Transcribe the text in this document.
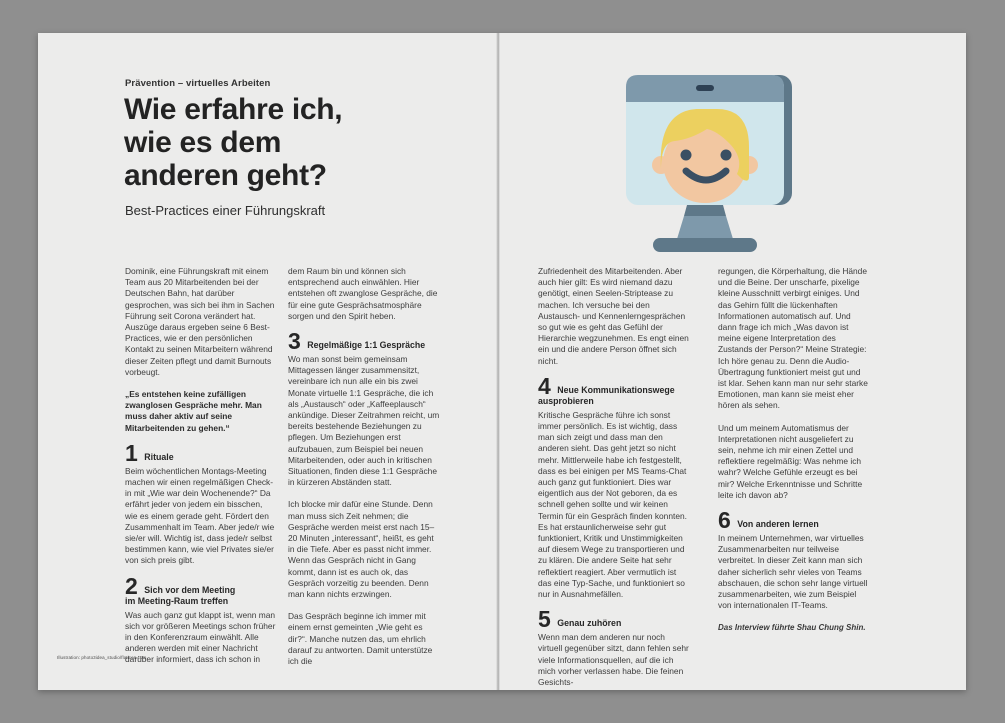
Prävention – virtuelles Arbeiten
Wie erfahre ich,
wie es dem
anderen geht?
Best-Practices einer Führungskraft

Dominik, eine Führungskraft mit einem Team aus 20 Mitarbeitenden bei der Deutschen Bahn, hat darüber gesprochen, was sich bei ihm in Sachen Führung seit Corona verändert hat. Auszüge daraus ergeben seine 6 Best-Practices, wie er den persönlichen Kontakt zu seinen Mitarbeitern während dieser Zeiten pflegt und damit Burnouts vorbeugt.

„Es entstehen keine zufälligen zwanglosen Gespräche mehr. Man muss daher aktiv auf seine Mitarbeitenden zu gehen.“

1 Rituale

Beim wöchentlichen Montags-Meeting machen wir einen regelmäßigen Check-in mit „Wie war dein Wochenende?“ Da erfährt jeder von jedem ein bisschen, wie es einem gerade geht. Fördert den Zusammenhalt im Team. Aber jede/r wie sie/er will. Wichtig ist, dass jede/r selbst bestimmen kann, wie viel Privates sie/er von sich preis gibt.

2 Sich vor dem Meeting
im Meeting-Raum treffen

Was auch ganz gut klappt ist, wenn man sich vor größeren Meetings schon früher in den Konferenzraum einwählt. Alle anderen werden mit einer Nachricht darüber informiert, dass ich schon in

dem Raum bin und können sich entsprechend auch einwählen. Hier entstehen oft zwanglose Gespräche, die für eine gute Gesprächsatmosphäre sorgen und den Spirit heben.

3 Regelmäßige 1:1 Gespräche

Wo man sonst beim gemeinsam Mittagessen länger zusammensitzt, vereinbare ich nun alle ein bis zwei Monate virtuelle 1:1 Gespräche, die ich als „Austausch“ oder „Kaffeeplausch“ ankündige. Dieser Zeitrahmen reicht, um bereits bestehende Beziehungen zu pflegen. Um Beziehungen erst aufzubauen, zum Beispiel bei neuen Mitarbeitenden, oder auch in kritischen Situationen, finden diese 1:1 Gespräche in kürzeren Abständen statt.

Ich blocke mir dafür eine Stunde. Denn man muss sich Zeit nehmen; die Gespräche werden meist erst nach 15–20 Minuten „interessant“, heißt, es geht in die Tiefe. Aber es passt nicht immer. Wenn das Gespräch nicht in Gang kommt, dann ist es auch ok, das Gespräch vorzeitig zu beenden. Denn man kann nichts erzwingen.

Das Gespräch beginne ich immer mit einem ernst gemeinten „Wie geht es dir?“. Manche nutzen das, um ehrlich darauf zu antworten. Damit unterstütze ich die

Zufriedenheit des Mitarbeitenden. Aber auch hier gilt: Es wird niemand dazu genötigt, einen Seelen-Striptease zu machen. Ich versuche bei den Austausch- und Kennenlerngesprächen so gut wie es geht das Gefühl der Hierarchie wegzunehmen. Es engt einen ein und die andere Person öffnet sich nicht.

4 Neue Kommunikationswege
ausprobieren

Kritische Gespräche führe ich sonst immer persönlich. Es ist wichtig, dass man sich zeigt und dass man den anderen sieht. Das geht jetzt so nicht mehr. Mittlerweile habe ich festgestellt, dass es bei einigen per MS Teams-Chat auch ganz gut funktioniert. Dies war eigentlich aus der Not geboren, da es schnell gehen sollte und wir keinen Termin für ein Gespräch finden konnten. Es hat erstaunlicherweise sehr gut funktioniert, Kritik und Unstimmigkeiten auf diesem Wege zu transportieren und zu klären. Die andere Seite hat sehr reflektiert reagiert. Aber vermutlich ist das eine Typ-Sache, und funktioniert so nur in Ausnahmefällen.

5 Genau zuhören

Wenn man dem anderen nur noch virtuell gegenüber sitzt, dann fehlen sehr viele Informationsquellen, auf die ich mich vorher verlassen habe. Die feinen Gesichts-

regungen, die Körperhaltung, die Hände und die Beine. Der unscharfe, pixelige kleine Ausschnitt verbirgt einiges. Und das Gehirn füllt die lückenhaften Informationen automatisch auf. Und dann frage ich mich „Was davon ist meine eigene Interpretation des Zustands der Person?“ Meine Strategie: Ich höre genau zu. Denn die Audio-Übertragung funktioniert meist gut und ist klar. Sehen kann man nur sehr starke Emotionen, man kann sie meist eher hören als sehen.

Und um meinem Automatismus der Interpretationen nicht ausgeliefert zu sein, nehme ich mir einen Zettel und reflektiere regelmäßig: Was nehme ich wahr? Welche Gefühle erzeugt es bei mir? Welche Erkenntnisse und Schritte leite ich davon ab?

6 Von anderen lernen

In meinem Unternehmen, war virtuelles Zusammenarbeiten nur teilweise verbreitet. In dieser Zeit kann man sich daher sicherlich sehr vieles von Teams abschauen, die schon sehr lange virtuell zusammenarbeiten, wie zum Beispiel von internationalen IT-Teams.

Das Interview führte Shau Chung Shin.

Illustration: photo3idea_studio/flaticon.com
